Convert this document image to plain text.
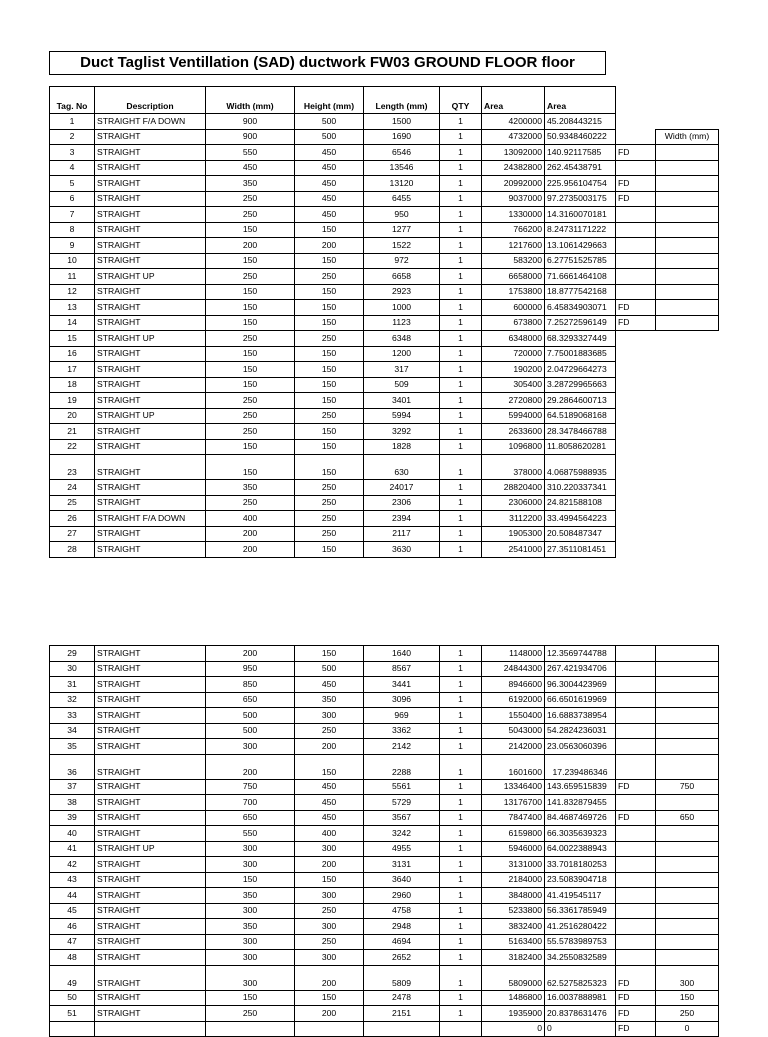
Duct Taglist Ventillation (SAD) ductwork FW03 GROUND FLOOR floor
Tag. No	Description	Width (mm)	Height (mm)	Length (mm)	QTY	Area	Area		
1	STRAIGHT F/A DOWN	900	500	1500	1	4200000	45.208443215		
2	STRAIGHT	900	500	1690	1	4732000	50.9348460222		Width (mm)
3	STRAIGHT	550	450	6546	1	13092000	140.92117585	FD	
4	STRAIGHT	450	450	13546	1	24382800	262.45438791		
5	STRAIGHT	350	450	13120	1	20992000	225.956104754	FD	
6	STRAIGHT	250	450	6455	1	9037000	97.2735003175	FD	
7	STRAIGHT	250	450	950	1	1330000	14.3160070181		
8	STRAIGHT	150	150	1277	1	766200	8.24731171222		
9	STRAIGHT	200	200	1522	1	1217600	13.1061429663		
10	STRAIGHT	150	150	972	1	583200	6.27751525785		
11	STRAIGHT UP	250	250	6658	1	6658000	71.6661464108		
12	STRAIGHT	150	150	2923	1	1753800	18.8777542168		
13	STRAIGHT	150	150	1000	1	600000	6.45834903071	FD	
14	STRAIGHT	150	150	1123	1	673800	7.25272596149	FD	
15	STRAIGHT UP	250	250	6348	1	6348000	68.3293327449		
16	STRAIGHT	150	150	1200	1	720000	7.75001883685		
17	STRAIGHT	150	150	317	1	190200	2.04729664273		
18	STRAIGHT	150	150	509	1	305400	3.28729965663		
19	STRAIGHT	250	150	3401	1	2720800	29.2864600713		
20	STRAIGHT UP	250	250	5994	1	5994000	64.5189068168		
21	STRAIGHT	250	150	3292	1	2633600	28.3478466788		
22	STRAIGHT	150	150	1828	1	1096800	11.8058620281		
23	STRAIGHT	150	150	630	1	378000	4.06875988935		
24	STRAIGHT	350	250	24017	1	28820400	310.220337341		
25	STRAIGHT	250	250	2306	1	2306000	24.821588108		
26	STRAIGHT F/A DOWN	400	250	2394	1	3112200	33.4994564223		
27	STRAIGHT	200	250	2117	1	1905300	20.508487347		
28	STRAIGHT	200	150	3630	1	2541000	27.3511081451		
29	STRAIGHT	200	150	1640	1	1148000	12.3569744788		
30	STRAIGHT	950	500	8567	1	24844300	267.421934706		
31	STRAIGHT	850	450	3441	1	8946600	96.3004423969		
32	STRAIGHT	650	350	3096	1	6192000	66.6501619969		
33	STRAIGHT	500	300	969	1	1550400	16.6883738954		
34	STRAIGHT	500	250	3362	1	5043000	54.2824236031		
35	STRAIGHT	300	200	2142	1	2142000	23.0563060396		
36	STRAIGHT	200	150	2288	1	1601600	17.239486346		
37	STRAIGHT	750	450	5561	1	13346400	143.659515839	FD	750
38	STRAIGHT	700	450	5729	1	13176700	141.832879455		
39	STRAIGHT	650	450	3567	1	7847400	84.4687469726	FD	650
40	STRAIGHT	550	400	3242	1	6159800	66.3035639323		
41	STRAIGHT UP	300	300	4955	1	5946000	64.0022388943		
42	STRAIGHT	300	200	3131	1	3131000	33.7018180253		
43	STRAIGHT	150	150	3640	1	2184000	23.5083904718		
44	STRAIGHT	350	300	2960	1	3848000	41.419545117		
45	STRAIGHT	300	250	4758	1	5233800	56.3361785949		
46	STRAIGHT	350	300	2948	1	3832400	41.2516280422		
47	STRAIGHT	300	250	4694	1	5163400	55.5783989753		
48	STRAIGHT	300	300	2652	1	3182400	34.2550832589		
49	STRAIGHT	300	200	5809	1	5809000	62.5275825323	FD	300
50	STRAIGHT	150	150	2478	1	1486800	16.0037888981	FD	150
51	STRAIGHT	250	200	2151	1	1935900	20.8378631476	FD	250
						0	0	FD	0
